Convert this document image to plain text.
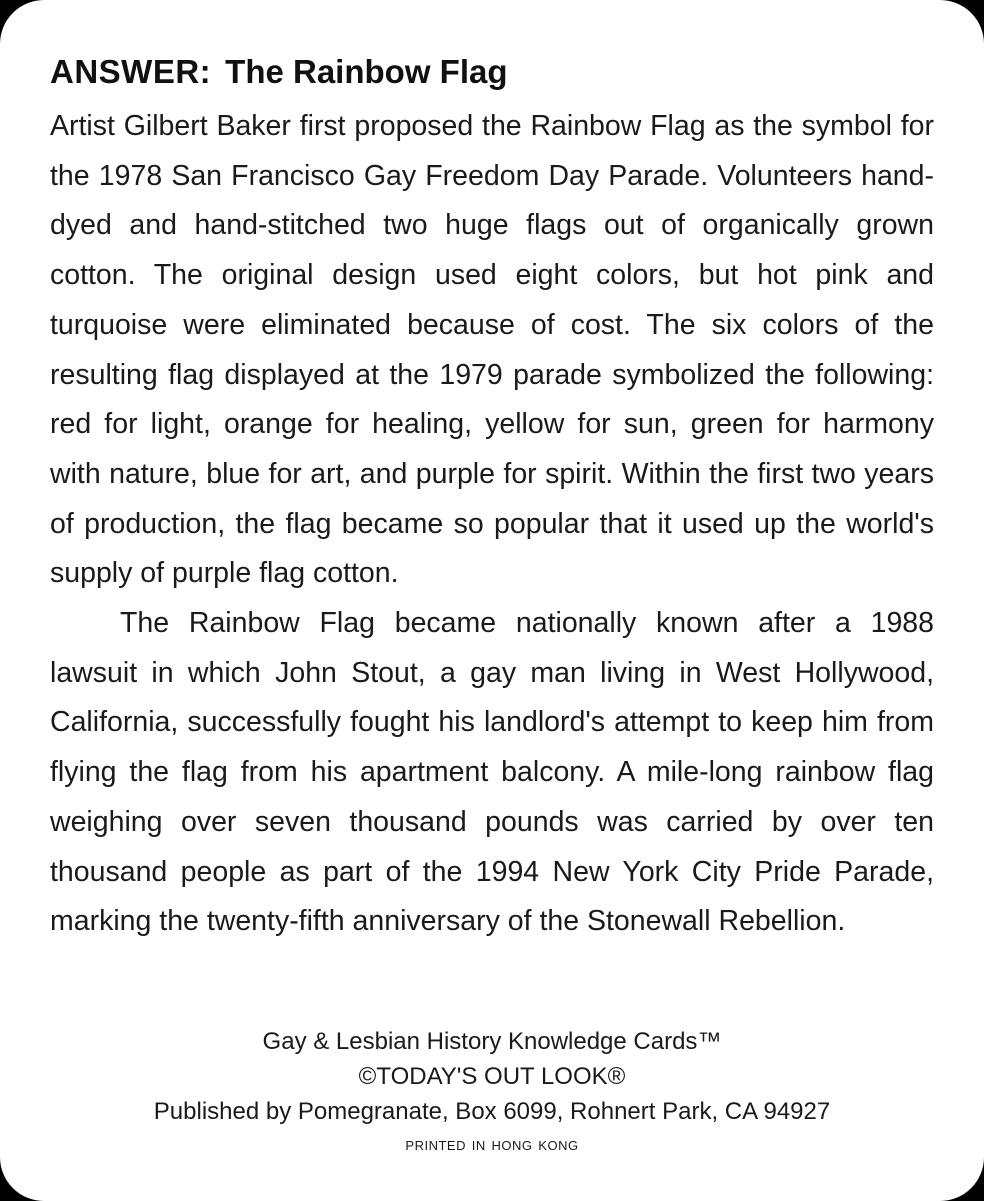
ANSWER: The Rainbow Flag

Artist Gilbert Baker first proposed the Rainbow Flag as the symbol for the 1978 San Francisco Gay Freedom Day Parade. Volunteers hand-dyed and hand-stitched two huge flags out of organically grown cotton. The original design used eight colors, but hot pink and turquoise were eliminated because of cost. The six colors of the resulting flag displayed at the 1979 parade symbolized the following: red for light, orange for healing, yellow for sun, green for harmony with nature, blue for art, and purple for spirit. Within the first two years of production, the flag became so popular that it used up the world's supply of purple flag cotton.

The Rainbow Flag became nationally known after a 1988 lawsuit in which John Stout, a gay man living in West Hollywood, California, successfully fought his landlord's attempt to keep him from flying the flag from his apartment balcony. A mile-long rainbow flag weighing over seven thousand pounds was carried by over ten thousand people as part of the 1994 New York City Pride Parade, marking the twenty-fifth anniversary of the Stonewall Rebellion.

Gay & Lesbian History Knowledge Cards™
©TODAY'S OUT LOOK®
Published by Pomegranate, Box 6099, Rohnert Park, CA 94927
printed in hong kong
